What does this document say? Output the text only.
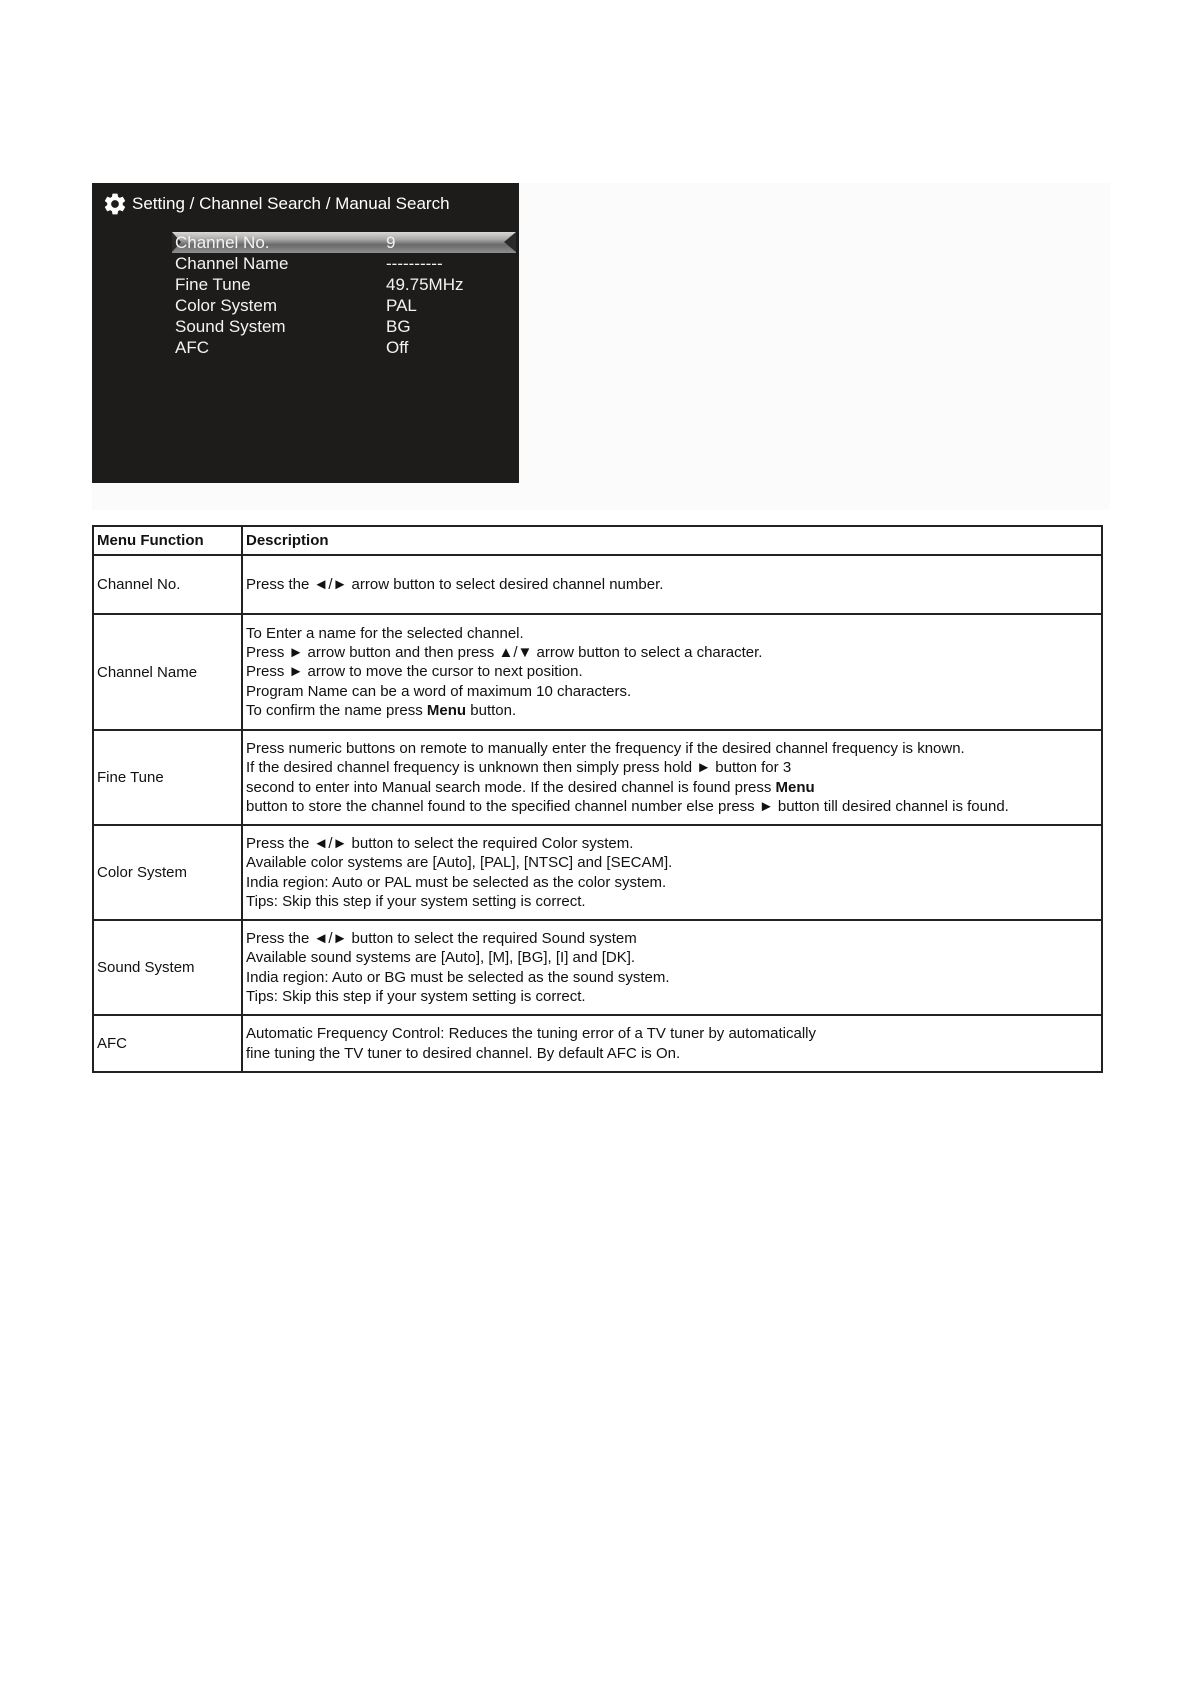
Setting / Channel Search / Manual Search
Channel No.	9
Channel Name	----------
Fine Tune	49.75MHz
Color System	PAL
Sound System	BG
AFC	Off
Menu Function	Description
Channel No.	Press the ◄/► arrow button to select desired channel number.

Channel Name	To Enter a name for the selected channel.
Press ► arrow button and then press ▲/▼ arrow button to select a character.
Press ► arrow to move the cursor to next position.
Program Name can be a word of maximum 10 characters.
To confirm the name press Menu button.

Fine Tune	Press numeric buttons on remote to manually enter the frequency if the desired channel frequency is known.
If the desired channel frequency is unknown then simply press hold ► button for 3
second to enter into Manual search mode. If the desired channel is found press Menu
button to store the channel found to the specified channel number else press ► button till desired channel is found.

Color System	Press the ◄/► button to select the required Color system.
Available color systems are [Auto], [PAL], [NTSC] and [SECAM].
India region: Auto or PAL must be selected as the color system.
Tips: Skip this step if your system setting is correct.

Sound System	Press the ◄/► button to select the required Sound system
Available sound systems are [Auto], [M], [BG], [I] and [DK].
India region: Auto or BG must be selected as the sound system.
Tips: Skip this step if your system setting is correct.

AFC	Automatic Frequency Control: Reduces the tuning error of a TV tuner by automatically
fine tuning the TV tuner to desired channel. By default AFC is On.
